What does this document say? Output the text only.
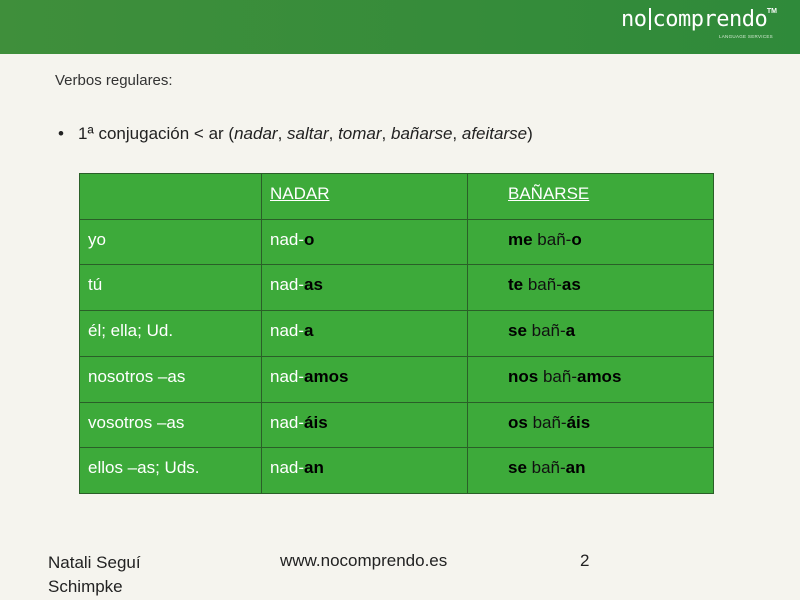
no comprendo TM
LANGUAGE SERVICES
Verbos regulares:
• 1ª conjugación < ar (nadar, saltar, tomar, bañarse, afeitarse)
	NADAR	BAÑARSE
yo	nad-o	me bañ-o
tú	nad-as	te bañ-as
él; ella; Ud.	nad-a	se bañ-a
nosotros –as	nad-amos	nos bañ-amos
vosotros –as	nad-áis	os bañ-áis
ellos –as; Uds.	nad-an	se bañ-an
Natali Seguí
Schimpke
www.nocomprendo.es	2
